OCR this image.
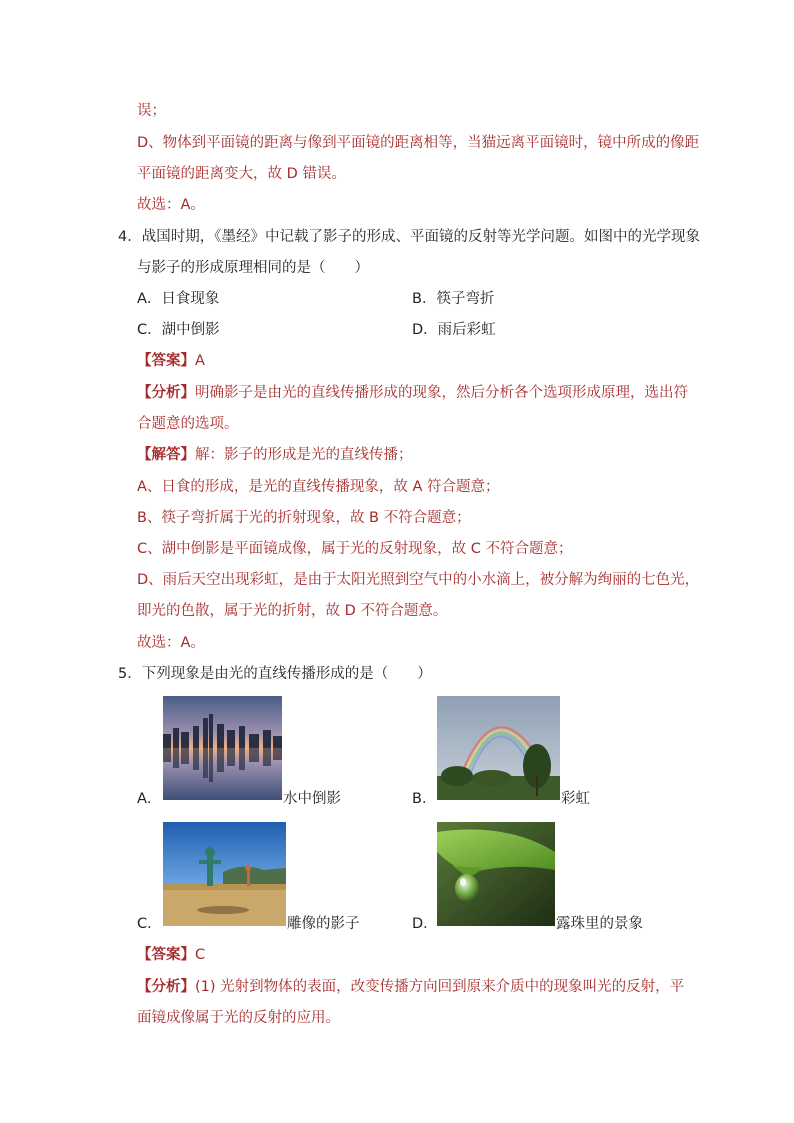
误；
D、物体到平面镜的距离与像到平面镜的距离相等，当猫远离平面镜时，镜中所成的像距
平面镜的距离变大，故 D 错误。
故选：A。
4．战国时期，《墨经》中记载了影子的形成、平面镜的反射等光学问题。如图中的光学现象
与影子的形成原理相同的是（　　）
A．日食现象	B．筷子弯折
C．湖中倒影	D．雨后彩虹
【答案】A
【分析】明确影子是由光的直线传播形成的现象，然后分析各个选项形成原理，选出符
合题意的选项。
【解答】解：影子的形成是光的直线传播；
A、日食的形成，是光的直线传播现象，故 A 符合题意；
B、筷子弯折属于光的折射现象，故 B 不符合题意；
C、湖中倒影是平面镜成像，属于光的反射现象，故 C 不符合题意；
D、雨后天空出现彩虹，是由于太阳光照到空气中的小水滴上，被分解为绚丽的七色光，
即光的色散，属于光的折射，故 D 不符合题意。
故选：A。
5．下列现象是由光的直线传播形成的是（　　）
A．	水中倒影	B．	彩虹
C．	雕像的影子	D．	露珠里的景象
【答案】C
【分析】(1) 光射到物体的表面，改变传播方向回到原来介质中的现象叫光的反射，平
面镜成像属于光的反射的应用。
